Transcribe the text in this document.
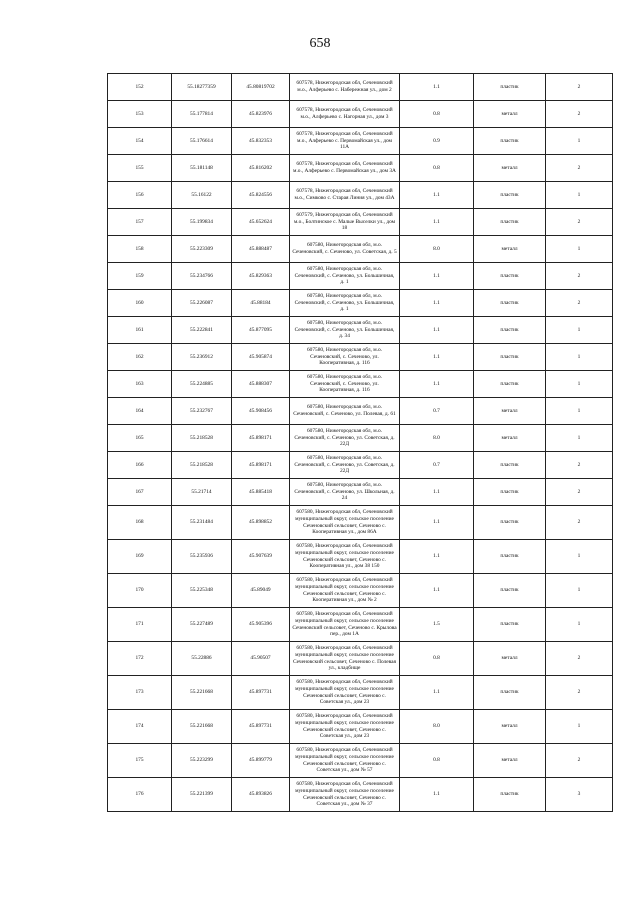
658
152	55.18277359	45.80819702	607578, Нижегородская обл, Сеченовский м.о., Алферьево с. Набережная ул., дом 2	1.1	пластик	2
153	55.177814	45.823976	607578, Нижегородская обл, Сеченовский м.о., Алферьево с. Нагорная ул., дом 3	0.8	металл	2
154	55.176614	45.832353	607578, Нижегородская обл, Сеченовский м.о., Алферьево с. Первомайская ул., дом 11А	0.9	пластик	1
155	55.181148	45.816202	607578, Нижегородская обл, Сеченовский м.о., Алферьево с. Первомайская ул., дом 3А	0.8	металл	2
156	55.16122	45.824556	607578, Нижегородская обл, Сеченовский м.о., Симково с. Старая Линия ул., дом 43А	1.1	пластик	1
157	55.199834	45.652624	607579, Нижегородская обл, Сеченовский м.о., Болтинское с. Малые Выселки ул., дом 18	1.1	пластик	2
158	55.223309	45.888487	607580, Нижегородская обл, м.о. Сеченовский, с. Сеченово, ул. Советская, д. 5	8.0	металл	1
159	55.234766	45.829363	607580, Нижегородская обл, м.о. Сеченовский, с. Сеченово, ул. Большичная, д. 1	1.1	пластик	2
160	55.226087	45.88184	607580, Нижегородская обл, м.о. Сеченовский, с. Сеченово, ул. Большичная, д. 1	1.1	пластик	2
161	55.222841	45.877095	607580, Нижегородская обл, м.о. Сеченовский, с. Сеченово, ул. Большичная, д. 34	1.1	пластик	1
162	55.236912	45.905874	607580, Нижегородская обл, м.о. Сеченовский, с. Сеченово, ул. Кооперативная, д. 116	1.1	пластик	1
163	55.224885	45.888307	607580, Нижегородская обл, м.о. Сеченовский, с. Сеченово, ул. Кооперативная, д. 116	1.1	пластик	1
164	55.232767	45.908456	607580, Нижегородская обл, м.о. Сеченовский, с. Сеченово, ул. Полевая, д. 61	0.7	металл	1
165	55.218528	45.898171	607580, Нижегородская обл, м.о. Сеченовский, с. Сеченово, ул. Советская, д. 22Д	8.0	металл	1
166	55.218528	45.898171	607580, Нижегородская обл, м.о. Сеченовский, с. Сеченово, ул. Советская, д. 22Д	0.7	пластик	2
167	55.21714	45.885418	607580, Нижегородская обл, м.о. Сеченовский, с. Сеченово, ул. Школьная, д. 24	1.1	пластик	2
168	55.231484	45.898852	607580, Нижегородская обл, Сеченовский муниципальный округ, сельское поселение Сеченовский сельсовет, Сеченово с. Кооперативная ул., дом 86А	1.1	пластик	2
169	55.235936	45.907639	607580, Нижегородская обл, Сеченовский муниципальный округ, сельское поселение Сеченовский сельсовет, Сеченово с. Кооперативная ул., дом 38 150	1.1	пластик	1
170	55.225348	45.89049	607580, Нижегородская обл, Сеченовский муниципальный округ, сельское поселение Сеченовский сельсовет, Сеченово с. Кооперативная ул., дом № 2	1.1	пластик	1
171	55.227489	45.905396	607580, Нижегородская обл, Сеченовский муниципальный округ, сельское поселение Сеченовский сельсовет, Сеченово с. Крылова пер., дом 1А	1.5	пластик	1
172	55.22886	45.90507	607580, Нижегородская обл, Сеченовский муниципальный округ, сельское поселение Сеченовский сельсовет, Сеченово с. Полевая ул., кладбище	0.8	металл	2
173	55.221668	45.897731	607580, Нижегородская обл, Сеченовский муниципальный округ, сельское поселение Сеченовский сельсовет, Сеченово с. Советская ул., дом 23	1.1	пластик	2
174	55.221668	45.897731	607580, Нижегородская обл, Сеченовский муниципальный округ, сельское поселение Сеченовский сельсовет, Сеченово с. Советская ул., дом 23	8.0	металл	1
175	55.223299	45.899779	607580, Нижегородская обл, Сеченовский муниципальный округ, сельское поселение Сеченовский сельсовет, Сеченово с. Советская ул., дом № 57	0.8	металл	2
176	55.221399	45.893826	607580, Нижегородская обл, Сеченовский муниципальный округ, сельское поселение Сеченовский сельсовет, Сеченово с. Советская ул., дом № 37	1.1	пластик	3
